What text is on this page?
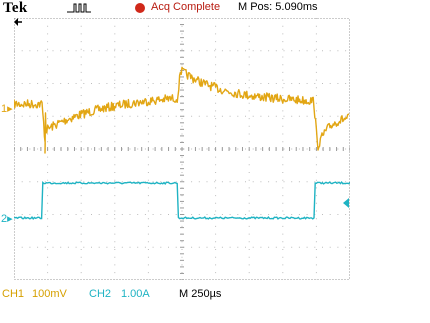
Tek	Acq Complete M Pos: 5.090ms
1▸
2▸
CH1 100mV CH2 1.00A	M 250µs
